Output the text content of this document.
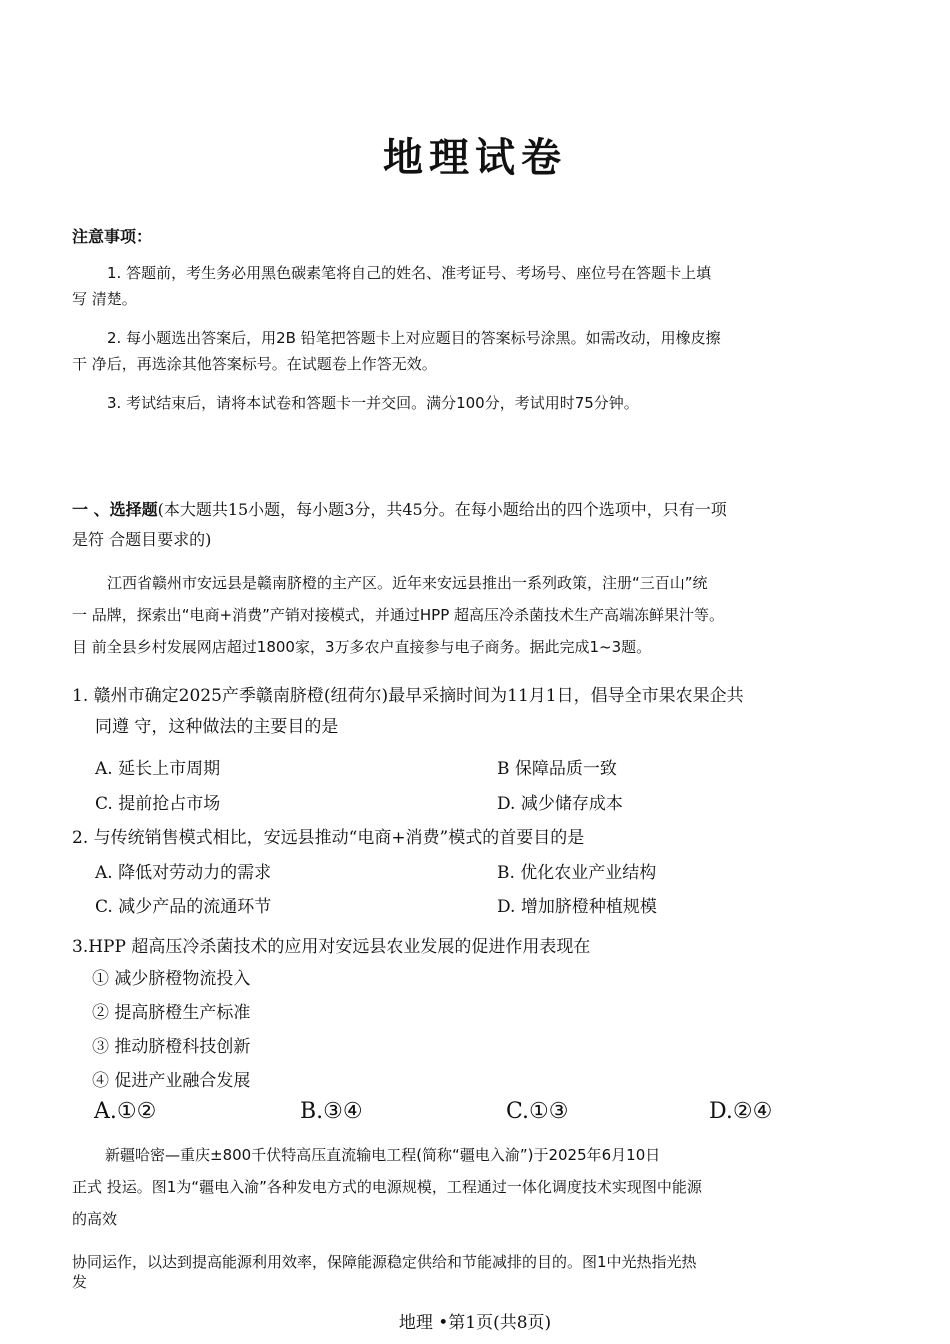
地理试卷
注意事项：
1. 答题前，考生务必用黑色碳素笔将自己的姓名、准考证号、考场号、座位号在答题卡上填
写 清楚。
2. 每小题选出答案后，用2B 铅笔把答题卡上对应题目的答案标号涂黑。如需改动，用橡皮擦
干 净后，再选涂其他答案标号。在试题卷上作答无效。
3. 考试结束后，请将本试卷和答题卡一并交回。满分100分，考试用时75分钟。
一 、选择题(本大题共15小题，每小题3分，共45分。在每小题给出的四个选项中，只有一项
是符 合题目要求的)
江西省赣州市安远县是赣南脐橙的主产区。近年来安远县推出一系列政策，注册“三百山”统
一 品牌，探索出“电商+消费”产销对接模式，并通过HPP 超高压冷杀菌技术生产高端冻鲜果汁等。
目 前全县乡村发展网店超过1800家，3万多农户直接参与电子商务。据此完成1~3题。
1. 赣州市确定2025产季赣南脐橙(纽荷尔)最早采摘时间为11月1日，倡导全市果农果企共
同遵 守，这种做法的主要目的是
A. 延长上市周期	B 保障品质一致
C. 提前抢占市场	D. 减少储存成本
2. 与传统销售模式相比，安远县推动“电商+消费”模式的首要目的是
A. 降低对劳动力的需求	B. 优化农业产业结构
C. 减少产品的流通环节	D. 增加脐橙种植规模
3.HPP 超高压冷杀菌技术的应用对安远县农业发展的促进作用表现在
① 减少脐橙物流投入
② 提高脐橙生产标准
③ 推动脐橙科技创新
④ 促进产业融合发展
A.①②	B.③④	C.①③	D.②④
新疆哈密—重庆±800千伏特高压直流输电工程(简称“疆电入渝”)于2025年6月10日
正式 投运。图1为“疆电入渝”各种发电方式的电源规模，工程通过一体化调度技术实现图中能源
的高效
协同运作，以达到提高能源利用效率，保障能源稳定供给和节能减排的目的。图1中光热指光热
发
地理 •第1页(共8页)
